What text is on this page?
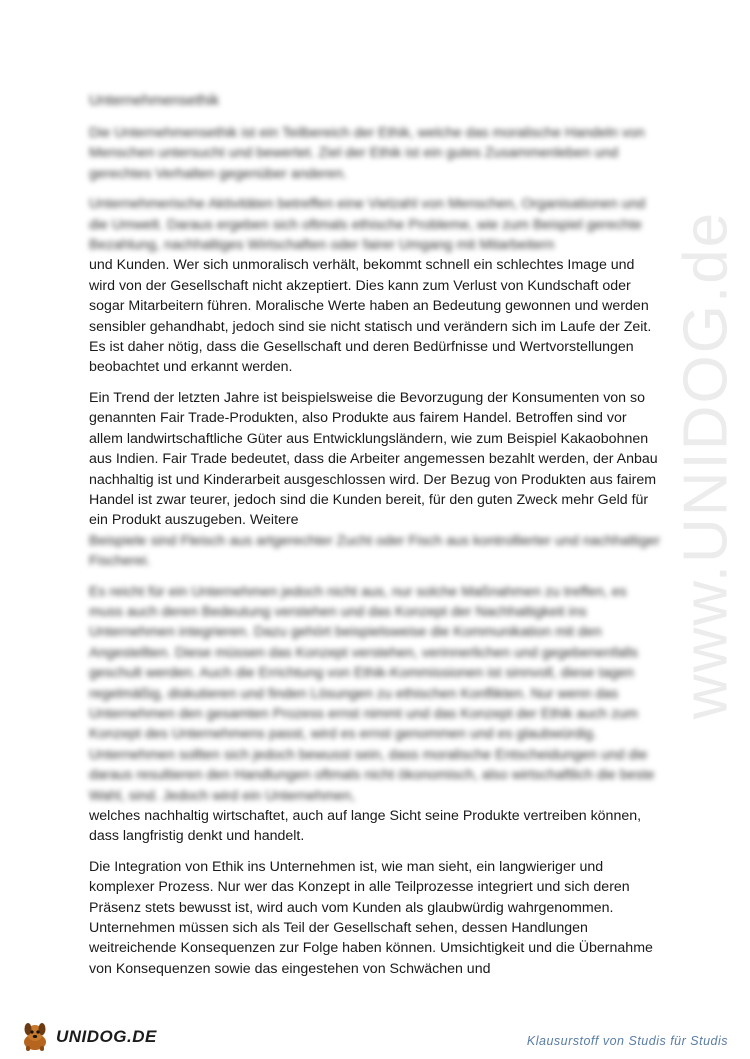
www.UNIDOG.de
Unternehmensethik

Die Unternehmensethik ist ein Teilbereich der Ethik, welche das moralische Handeln von Menschen untersucht und bewertet. Ziel der Ethik ist ein gutes Zusammenleben und gerechtes Verhalten gegenüber anderen.

Unternehmerische Aktivitäten betreffen eine Vielzahl von Menschen, Organisationen und die Umwelt. Daraus ergeben sich oftmals ethische Probleme, wie zum Beispiel gerechte Bezahlung, nachhaltiges Wirtschaften oder fairer Umgang mit Mitarbeitern

und Kunden. Wer sich unmoralisch verhält, bekommt schnell ein schlechtes Image und wird von der Gesellschaft nicht akzeptiert. Dies kann zum Verlust von Kundschaft oder sogar Mitarbeitern führen. Moralische Werte haben an Bedeutung gewonnen und werden sensibler gehandhabt, jedoch sind sie nicht statisch und verändern sich im Laufe der Zeit. Es ist daher nötig, dass die Gesellschaft und deren Bedürfnisse und Wertvorstellungen beobachtet und erkannt werden.

Ein Trend der letzten Jahre ist beispielsweise die Bevorzugung der Konsumenten von so genannten Fair Trade-Produkten, also Produkte aus fairem Handel. Betroffen sind vor allem landwirtschaftliche Güter aus Entwicklungsländern, wie zum Beispiel Kakaobohnen aus Indien. Fair Trade bedeutet, dass die Arbeiter angemessen bezahlt werden, der Anbau nachhaltig ist und Kinderarbeit ausgeschlossen wird. Der Bezug von Produkten aus fairem Handel ist zwar teurer, jedoch sind die Kunden bereit, für den guten Zweck mehr Geld für ein Produkt auszugeben. Weitere

Beispiele sind Fleisch aus artgerechter Zucht oder Fisch aus kontrollierter und nachhaltiger Fischerei.

Es reicht für ein Unternehmen jedoch nicht aus, nur solche Maßnahmen zu treffen, es muss auch deren Bedeutung verstehen und das Konzept der Nachhaltigkeit ins Unternehmen integrieren. Dazu gehört beispielsweise die Kommunikation mit den Angestellten. Diese müssen das Konzept verstehen, verinnerlichen und gegebenenfalls geschult werden. Auch die Errichtung von Ethik-Kommissionen ist sinnvoll, diese tagen regelmäßig, diskutieren und finden Lösungen zu ethischen Konflikten. Nur wenn das Unternehmen den gesamten Prozess ernst nimmt und das Konzept der Ethik auch zum Konzept des Unternehmens passt, wird es ernst genommen und es glaubwürdig. Unternehmen sollten sich jedoch bewusst sein, dass moralische Entscheidungen und die daraus resultieren den Handlungen oftmals nicht ökonomisch, also wirtschaftlich die beste Wahl, sind. Jedoch wird ein Unternehmen,

welches nachhaltig wirtschaftet, auch auf lange Sicht seine Produkte vertreiben können, dass langfristig denkt und handelt.

Die Integration von Ethik ins Unternehmen ist, wie man sieht, ein langwieriger und komplexer Prozess. Nur wer das Konzept in alle Teilprozesse integriert und sich deren Präsenz stets bewusst ist, wird auch vom Kunden als glaubwürdig wahrgenommen. Unternehmen müssen sich als Teil der Gesellschaft sehen, dessen Handlungen weitreichende Konsequenzen zur Folge haben können. Umsichtigkeit und die Übernahme von Konsequenzen sowie das eingestehen von Schwächen und

UNIDOG.DE	Klausurstoff von Studis für Studis
